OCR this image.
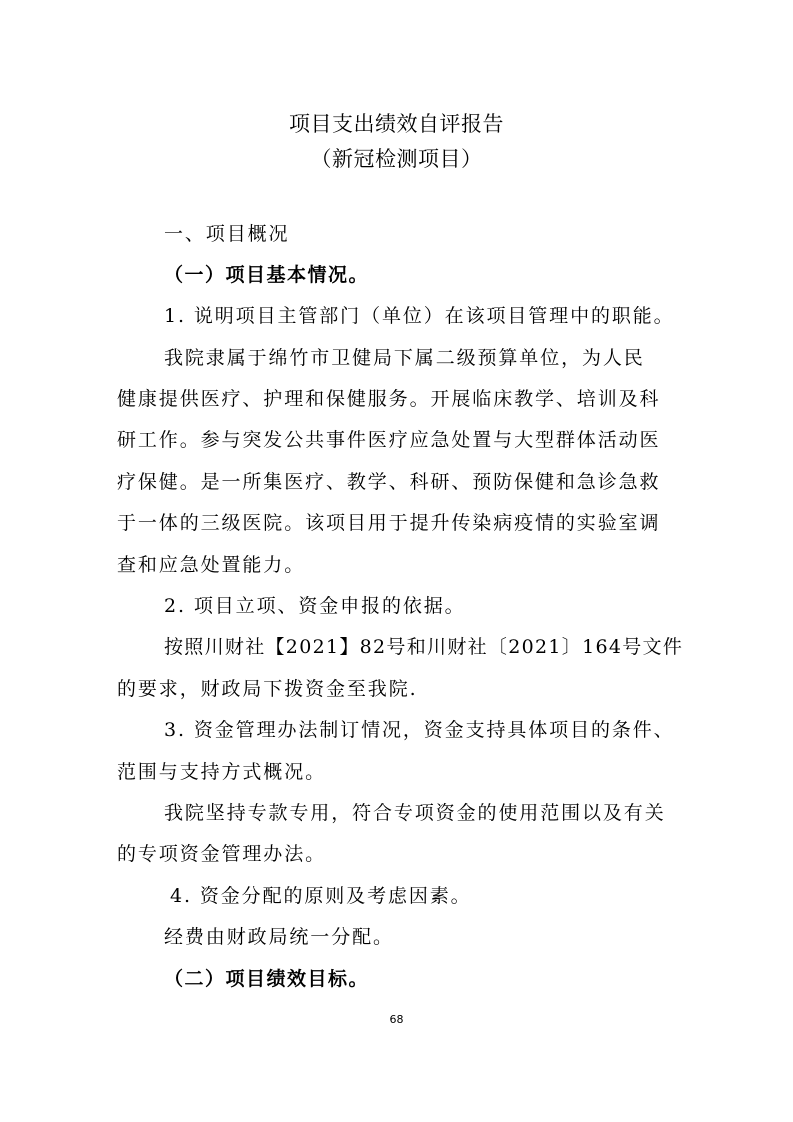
项目支出绩效自评报告
（新冠检测项目）
一、项目概况
（一）项目基本情况。
1. 说明项目主管部门（单位）在该项目管理中的职能。
我院隶属于绵竹市卫健局下属二级预算单位，为人民
健康提供医疗、护理和保健服务。开展临床教学、培训及科
研工作。参与突发公共事件医疗应急处置与大型群体活动医
疗保健。是一所集医疗、教学、科研、预防保健和急诊急救
于一体的三级医院。该项目用于提升传染病疫情的实验室调
查和应急处置能力。
2. 项目立项、资金申报的依据。
按照川财社【2021】82号和川财社〔2021〕164号文件
的要求，财政局下拨资金至我院.
3. 资金管理办法制订情况，资金支持具体项目的条件、
范围与支持方式概况。
我院坚持专款专用，符合专项资金的使用范围以及有关
的专项资金管理办法。
4. 资金分配的原则及考虑因素。
经费由财政局统一分配。
（二）项目绩效目标。
68
